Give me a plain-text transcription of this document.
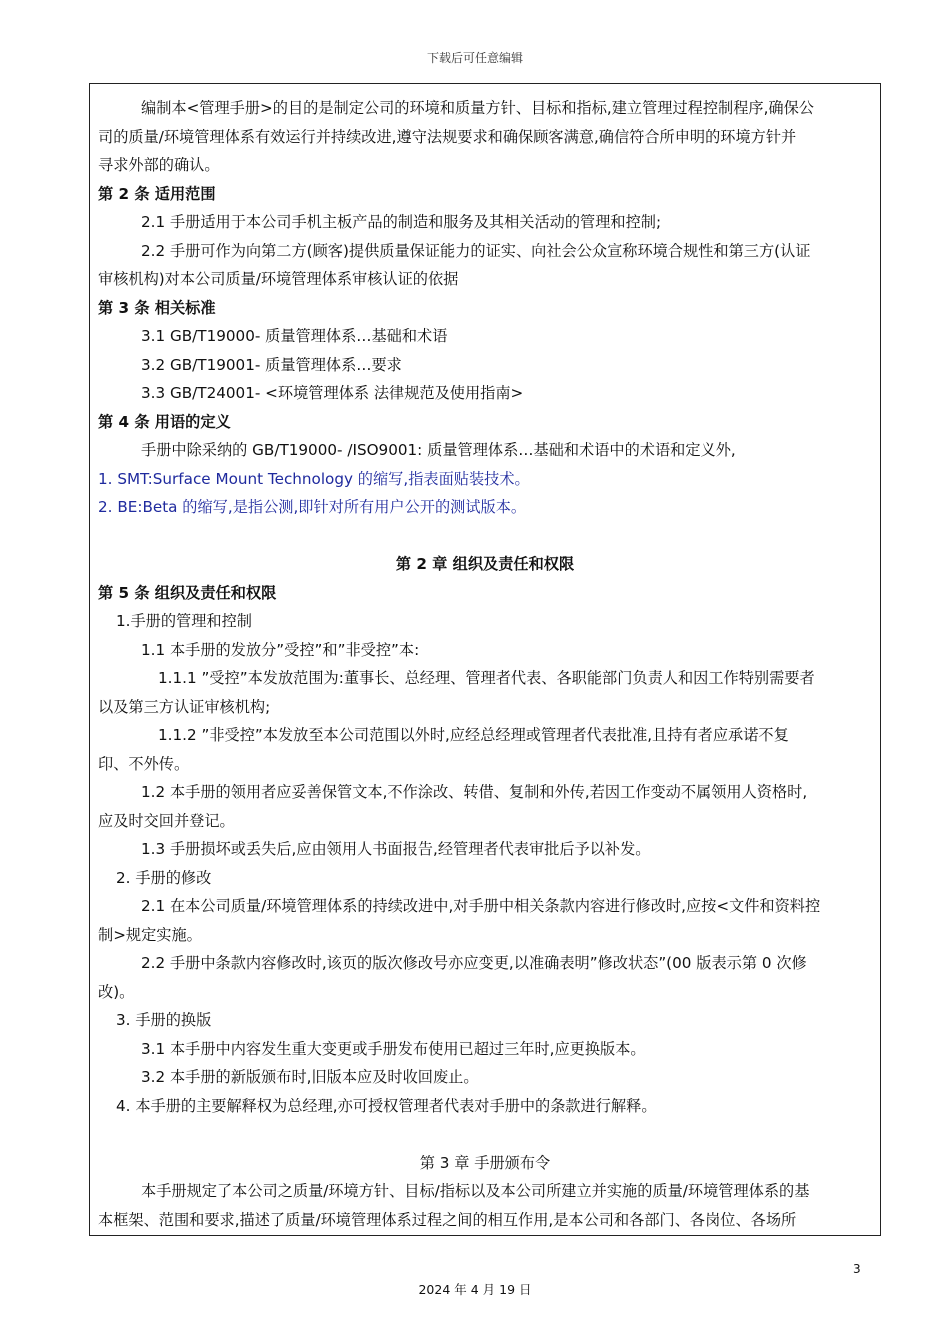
下载后可任意编辑
编制本<管理手册>的目的是制定公司的环境和质量方针、目标和指标,建立管理过程控制程序,确保公
司的质量/环境管理体系有效运行并持续改进,遵守法规要求和确保顾客满意,确信符合所申明的环境方针并
寻求外部的确认。
第 2 条 适用范围
2.1 手册适用于本公司手机主板产品的制造和服务及其相关活动的管理和控制;
2.2 手册可作为向第二方(顾客)提供质量保证能力的证实、向社会公众宣称环境合规性和第三方(认证
审核机构)对本公司质量/环境管理体系审核认证的依据
第 3 条 相关标准
3.1 GB/T19000- 质量管理体系…基础和术语
3.2 GB/T19001- 质量管理体系…要求
3.3 GB/T24001- <环境管理体系 法律规范及使用指南>
第 4 条 用语的定义
手册中除采纳的 GB/T19000- /ISO9001: 质量管理体系…基础和术语中的术语和定义外,
1. SMT:Surface Mount Technology 的缩写,指表面贴装技术。
2. BE:Beta 的缩写,是指公测,即针对所有用户公开的测试版本。
第 2 章 组织及责任和权限
第 5 条 组织及责任和权限
1.手册的管理和控制
1.1 本手册的发放分”受控”和”非受控”本:
1.1.1 ”受控”本发放范围为:董事长、总经理、管理者代表、各职能部门负责人和因工作特别需要者
以及第三方认证审核机构;
1.1.2 ”非受控”本发放至本公司范围以外时,应经总经理或管理者代表批准,且持有者应承诺不复
印、不外传。
1.2 本手册的领用者应妥善保管文本,不作涂改、转借、复制和外传,若因工作变动不属领用人资格时,
应及时交回并登记。
1.3 手册损坏或丢失后,应由领用人书面报告,经管理者代表审批后予以补发。
2. 手册的修改
2.1 在本公司质量/环境管理体系的持续改进中,对手册中相关条款内容进行修改时,应按<文件和资料控
制>规定实施。
2.2 手册中条款内容修改时,该页的版次修改号亦应变更,以准确表明”修改状态”(00 版表示第 0 次修
改)。
3. 手册的换版
3.1 本手册中内容发生重大变更或手册发布使用已超过三年时,应更换版本。
3.2 本手册的新版颁布时,旧版本应及时收回废止。
4. 本手册的主要解释权为总经理,亦可授权管理者代表对手册中的条款进行解释。
第 3 章 手册颁布令
本手册规定了本公司之质量/环境方针、目标/指标以及本公司所建立并实施的质量/环境管理体系的基
本框架、范围和要求,描述了质量/环境管理体系过程之间的相互作用,是本公司和各部门、各岗位、各场所
3
2024 年 4 月 19 日
